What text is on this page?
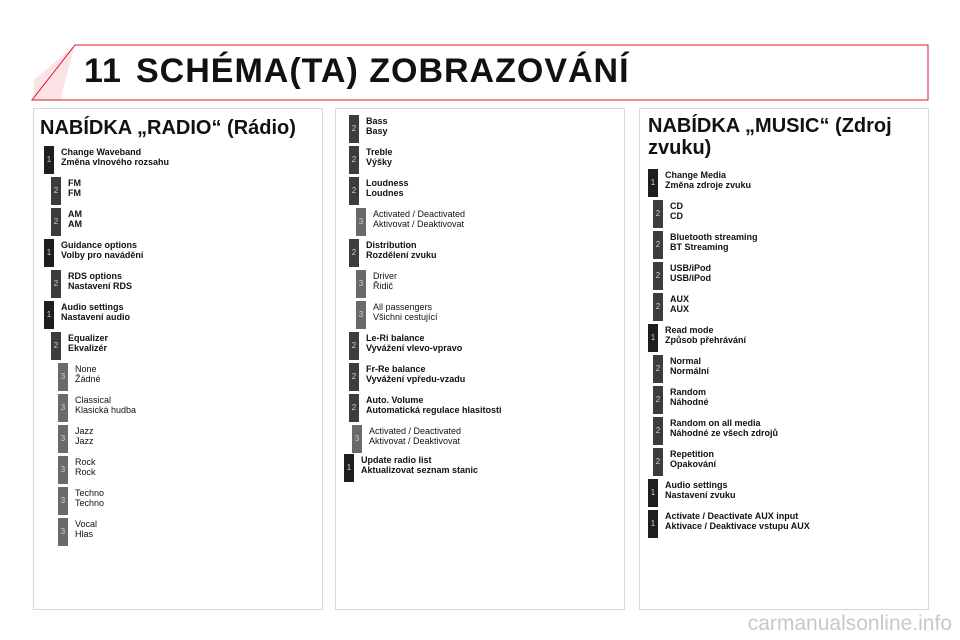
11 SCHÉMA(TA) ZOBRAZOVÁNÍ
NABÍDKA „RADIO“ (Rádio)
1
Change Waveband
Změna vlnového rozsahu
2
FM
FM
2
AM
AM
1
Guidance options
Volby pro navádění
2
RDS options
Nastavení RDS
1
Audio settings
Nastavení audio
2
Equalizer
Ekvalizér
3
None
Žádné
3
Classical
Klasická hudba
3
Jazz
Jazz
3
Rock
Rock
3
Techno
Techno
3
Vocal
Hlas
2
Bass
Basy
2
Treble
Výšky
2
Loudness
Loudnes
3
Activated / Deactivated
Aktivovat / Deaktivovat
2
Distribution
Rozdělení zvuku
3
Driver
Řidič
3
All passengers
Všichni cestující
2
Le-Ri balance
Vyvážení vlevo-vpravo
2
Fr-Re balance
Vyvážení vpředu-vzadu
2
Auto. Volume
Automatická regulace hlasitosti
3
Activated / Deactivated
Aktivovat / Deaktivovat
1
Update radio list
Aktualizovat seznam stanic
NABÍDKA „MUSIC“ (Zdroj
zvuku)
1
Change Media
Změna zdroje zvuku
2
CD
CD
2
Bluetooth streaming
BT Streaming
2
USB/iPod
USB/iPod
2
AUX
AUX
1
Read mode
Způsob přehrávání
2
Normal
Normální
2
Random
Náhodné
2
Random on all media
Náhodné ze všech zdrojů
2
Repetition
Opakování
1
Audio settings
Nastavení zvuku
1
Activate / Deactivate AUX input
Aktivace / Deaktivace vstupu AUX
carmanualsonline.info
